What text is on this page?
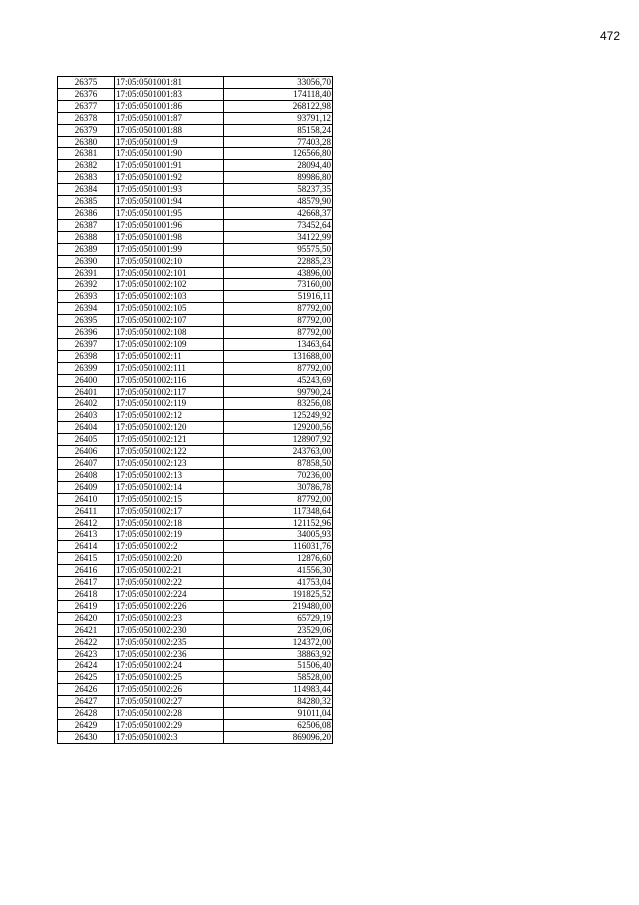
472
26375	17:05:0501001:81	33056,70
26376	17:05:0501001:83	174118,40
26377	17:05:0501001:86	268122,98
26378	17:05:0501001:87	93791,12
26379	17:05:0501001:88	85158,24
26380	17:05:0501001:9	77403,28
26381	17:05:0501001:90	126566,80
26382	17:05:0501001:91	28094,40
26383	17:05:0501001:92	89986,80
26384	17:05:0501001:93	58237,35
26385	17:05:0501001:94	48579,90
26386	17:05:0501001:95	42668,37
26387	17:05:0501001:96	73452,64
26388	17:05:0501001:98	34122,99
26389	17:05:0501001:99	95575,50
26390	17:05:0501002:10	22885,23
26391	17:05:0501002:101	43896,00
26392	17:05:0501002:102	73160,00
26393	17:05:0501002:103	51916,11
26394	17:05:0501002:105	87792,00
26395	17:05:0501002:107	87792,00
26396	17:05:0501002:108	87792,00
26397	17:05:0501002:109	13463,64
26398	17:05:0501002:11	131688,00
26399	17:05:0501002:111	87792,00
26400	17:05:0501002:116	45243,69
26401	17:05:0501002:117	99790,24
26402	17:05:0501002:119	83256,08
26403	17:05:0501002:12	125249,92
26404	17:05:0501002:120	129200,56
26405	17:05:0501002:121	128907,92
26406	17:05:0501002:122	243763,00
26407	17:05:0501002:123	87858,50
26408	17:05:0501002:13	70236,00
26409	17:05:0501002:14	30786,78
26410	17:05:0501002:15	87792,00
26411	17:05:0501002:17	117348,64
26412	17:05:0501002:18	121152,96
26413	17:05:0501002:19	34005,93
26414	17:05:0501002:2	116031,76
26415	17:05:0501002:20	12876,60
26416	17:05:0501002:21	41556,30
26417	17:05:0501002:22	41753,04
26418	17:05:0501002:224	191825,52
26419	17:05:0501002:226	219480,00
26420	17:05:0501002:23	65729,19
26421	17:05:0501002:230	23529,06
26422	17:05:0501002:235	124372,00
26423	17:05:0501002:236	38863,92
26424	17:05:0501002:24	51506,40
26425	17:05:0501002:25	58528,00
26426	17:05:0501002:26	114983,44
26427	17:05:0501002:27	84280,32
26428	17:05:0501002:28	91011,04
26429	17:05:0501002:29	62506,08
26430	17:05:0501002:3	869096,20
